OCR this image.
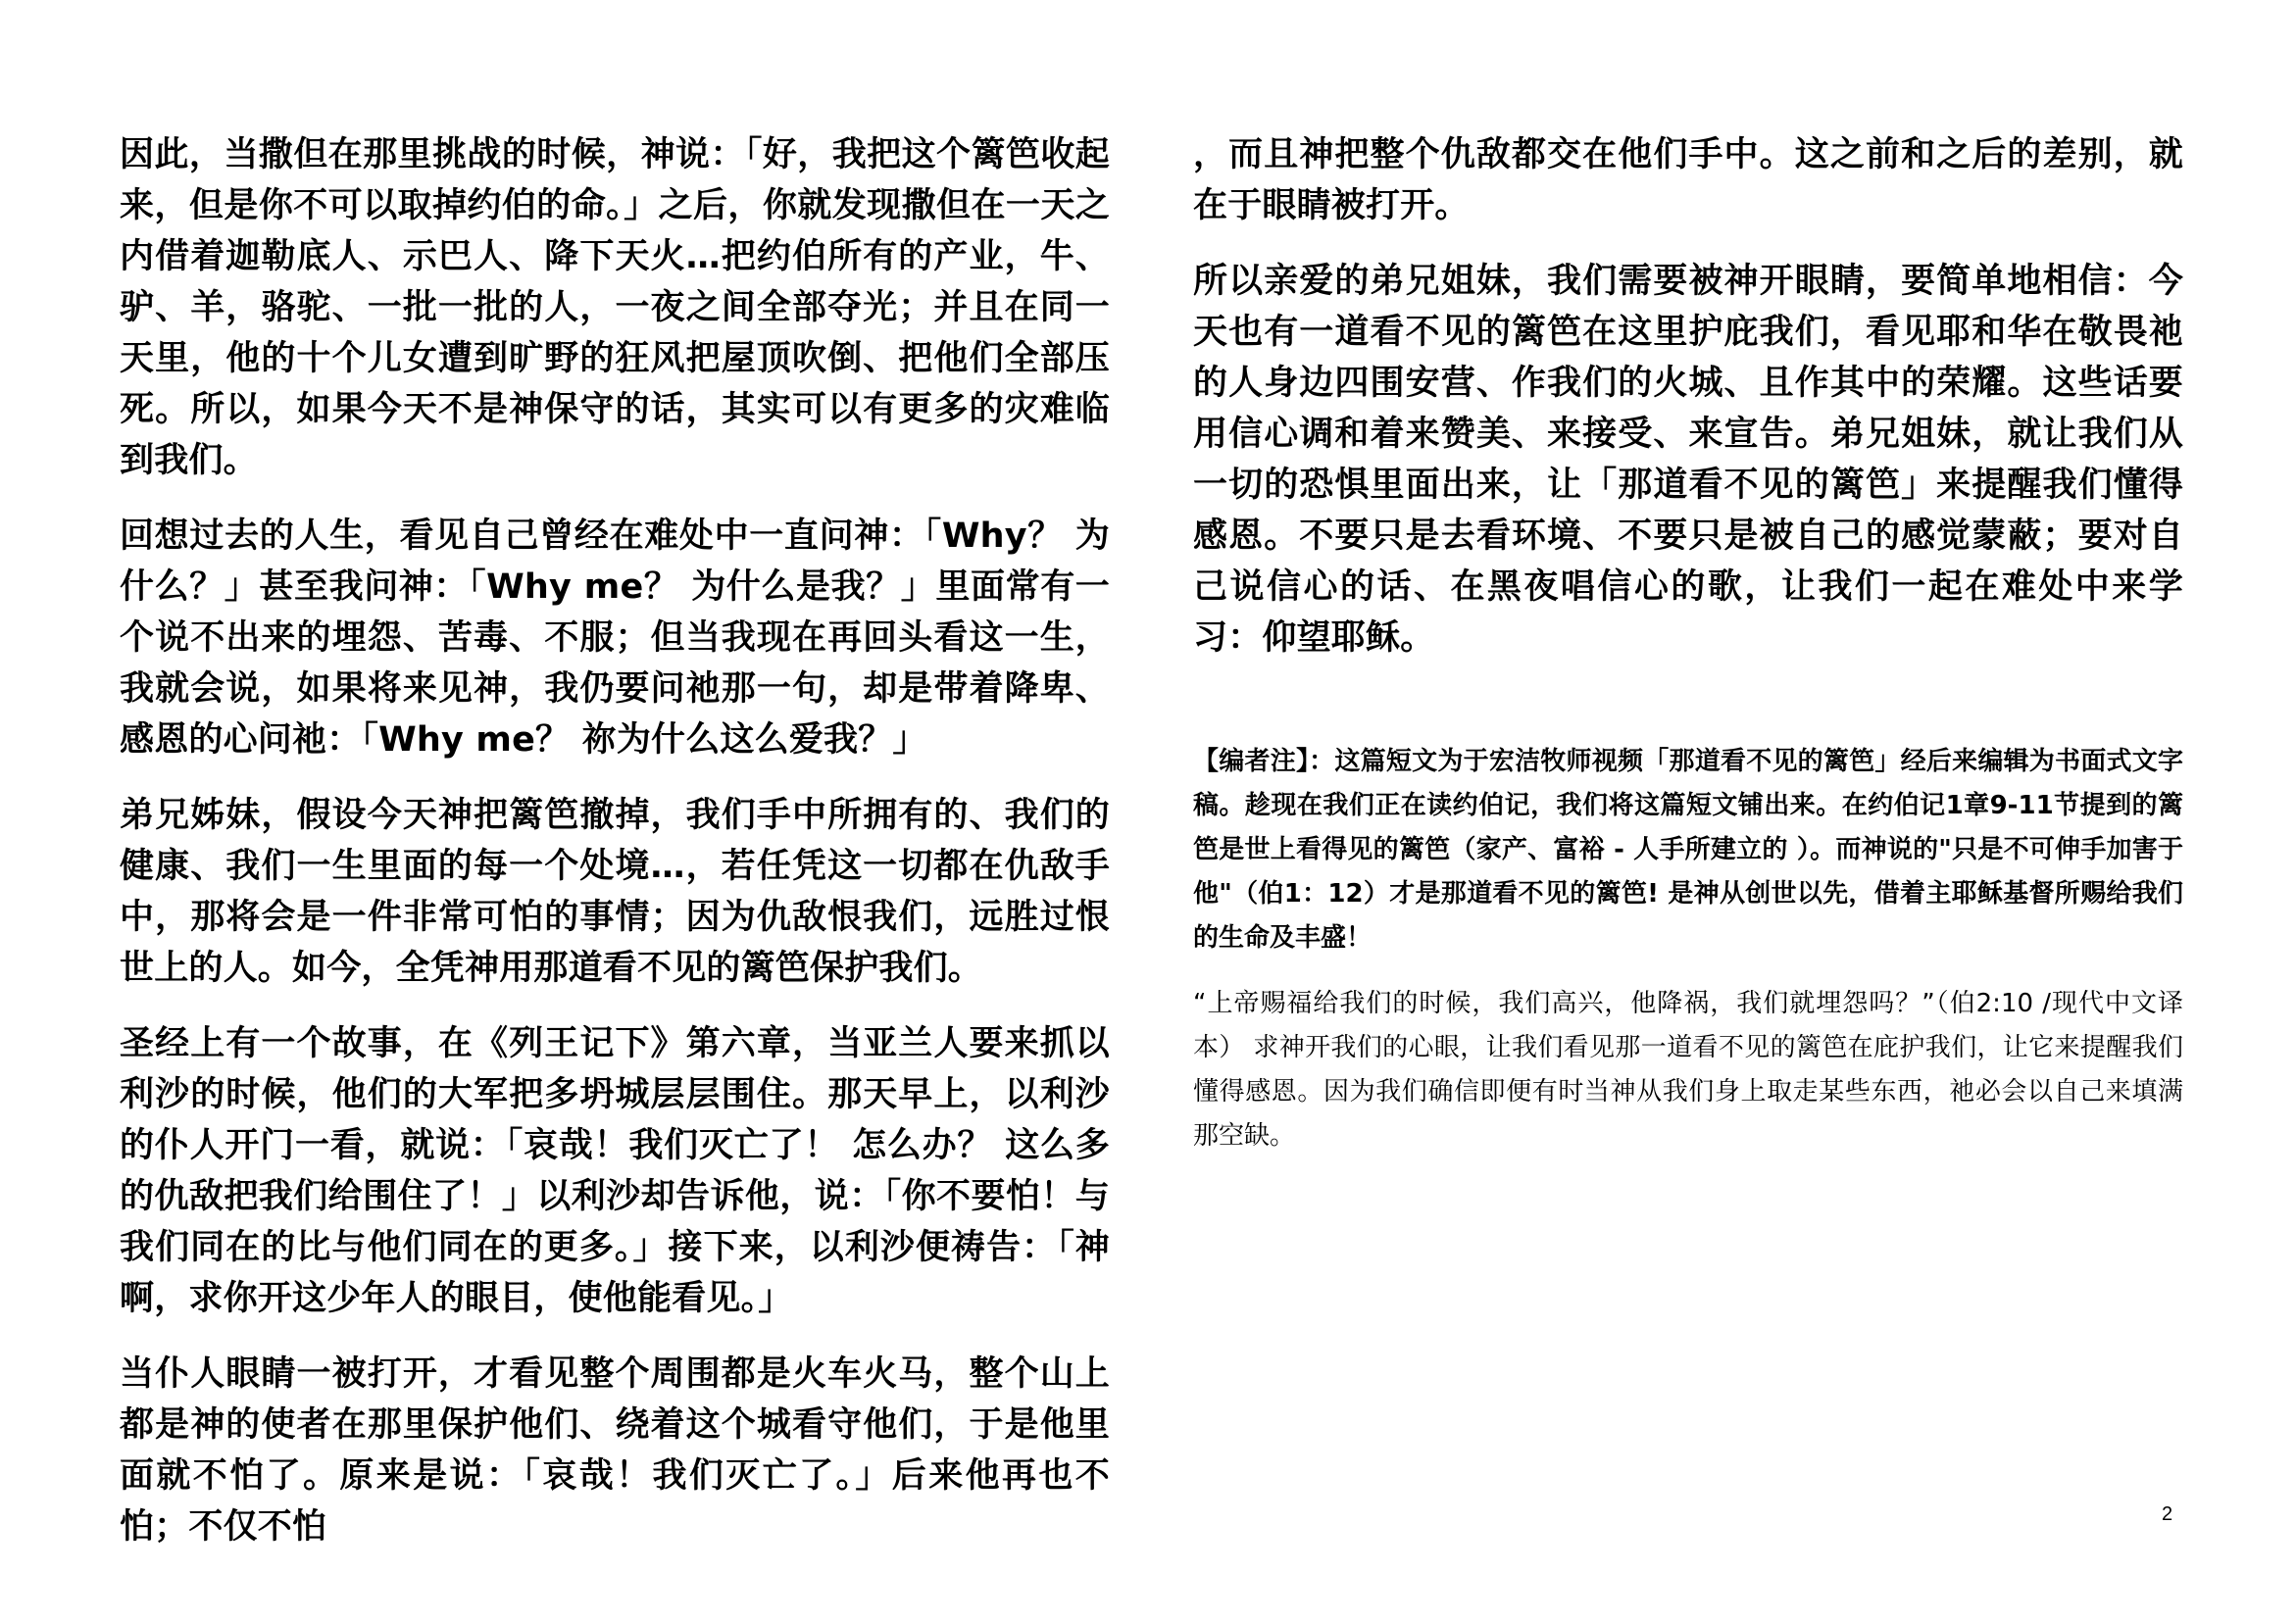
因此，当撒但在那里挑战的时候，神说：「好，我把这个篱笆收起来，但是你不可以取掉约伯的命。」之后，你就发现撒但在一天之内借着迦勒底人、示巴人、降下天火…把约伯所有的产业，牛、驴、羊，骆驼、一批一批的人，一夜之间全部夺光；并且在同一天里，他的十个儿女遭到旷野的狂风把屋顶吹倒、把他们全部压死。所以，如果今天不是神保守的话，其实可以有更多的灾难临到我们。

回想过去的人生，看见自己曾经在难处中一直问神：「Why？ 为什么？」甚至我问神：「Why me？ 为什么是我？」里面常有一个说不出来的埋怨、苦毒、不服；但当我现在再回头看这一生，我就会说，如果将来见神，我仍要问祂那一句，却是带着降卑、感恩的心问祂：「Why me？ 祢为什么这么爱我？」

弟兄姊妹，假设今天神把篱笆撤掉，我们手中所拥有的、我们的健康、我们一生里面的每一个处境…，若任凭这一切都在仇敌手中，那将会是一件非常可怕的事情；因为仇敌恨我们，远胜过恨世上的人。如今，全凭神用那道看不见的篱笆保护我们。

圣经上有一个故事，在《列王记下》第六章，当亚兰人要来抓以利沙的时候，他们的大军把多坍城层层围住。那天早上，以利沙的仆人开门一看，就说：「哀哉！我们灭亡了！ 怎么办？ 这么多的仇敌把我们给围住了！」以利沙却告诉他，说：「你不要怕！与我们同在的比与他们同在的更多。」接下来，以利沙便祷告：「神啊，求你开这少年人的眼目，使他能看见。」

当仆人眼睛一被打开，才看见整个周围都是火车火马，整个山上都是神的使者在那里保护他们、绕着这个城看守他们，于是他里面就不怕了。原来是说：「哀哉！我们灭亡了。」后来他再也不怕；不仅不怕

，而且神把整个仇敌都交在他们手中。这之前和之后的差别，就在于眼睛被打开。

所以亲爱的弟兄姐妹，我们需要被神开眼睛，要简单地相信：今天也有一道看不见的篱笆在这里护庇我们，看见耶和华在敬畏祂的人身边四围安营、作我们的火城、且作其中的荣耀。这些话要用信心调和着来赞美、来接受、来宣告。弟兄姐妹，就让我们从一切的恐惧里面出来，让「那道看不见的篱笆」来提醒我们懂得感恩。不要只是去看环境、不要只是被自己的感觉蒙蔽；要对自己说信心的话、在黑夜唱信心的歌，让我们一起在难处中来学习：仰望耶稣。

【编者注】：这篇短文为于宏洁牧师视频「那道看不见的篱笆」经后来编辑为书面式文字稿。趁现在我们正在读约伯记，我们将这篇短文铺出来。在约伯记1章9-11节提到的篱笆是世上看得见的篱笆（家产、富裕 - 人手所建立的 ）。而神说的"只是不可伸手加害于他"（伯1：12）才是那道看不见的篱笆! 是神从创世以先，借着主耶稣基督所赐给我们的生命及丰盛！

“上帝赐福给我们的时候，我们高兴，他降祸，我们就埋怨吗？”（伯2:10 /现代中文译本） 求神开我们的心眼，让我们看见那一道看不见的篱笆在庇护我们，让它来提醒我们懂得感恩。因为我们确信即便有时当神从我们身上取走某些东西，祂必会以自己来填满那空缺。

2
